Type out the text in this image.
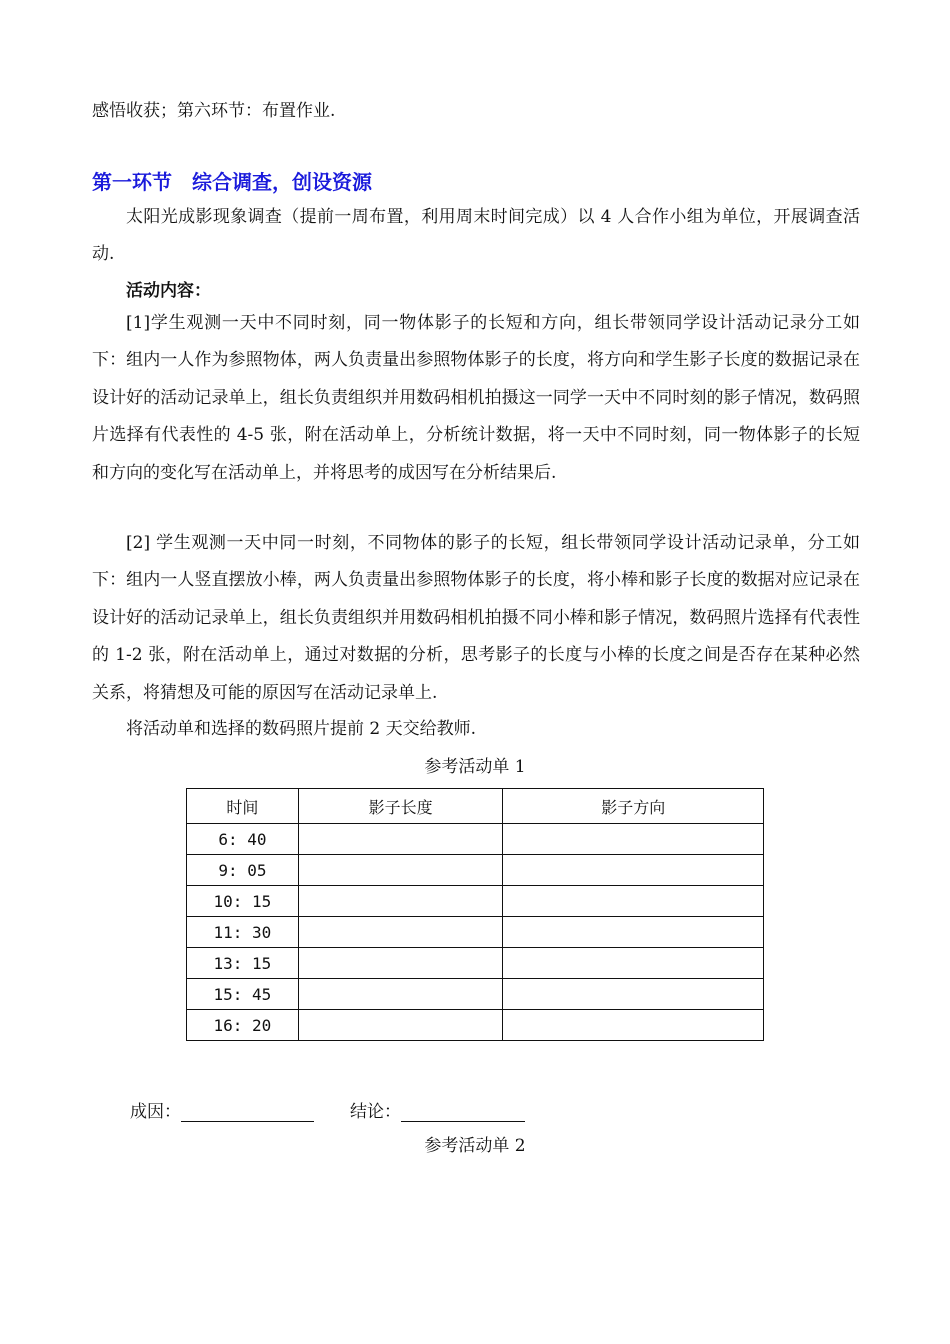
感悟收获；第六环节：布置作业.
第一环节　综合调查，创设资源
太阳光成影现象调查（提前一周布置，利用周末时间完成）以 4 人合作小组为单位，开展调查活动.
活动内容：
[1]学生观测一天中不同时刻，同一物体影子的长短和方向，组长带领同学设计活动记录分工如下：组内一人作为参照物体，两人负责量出参照物体影子的长度，将方向和学生影子长度的数据记录在设计好的活动记录单上，组长负责组织并用数码相机拍摄这一同学一天中不同时刻的影子情况，数码照片选择有代表性的 4-5 张，附在活动单上，分析统计数据，将一天中不同时刻，同一物体影子的长短和方向的变化写在活动单上，并将思考的成因写在分析结果后.
[2] 学生观测一天中同一时刻，不同物体的影子的长短，组长带领同学设计活动记录单，分工如下：组内一人竖直摆放小棒，两人负责量出参照物体影子的长度，将小棒和影子长度的数据对应记录在设计好的活动记录单上，组长负责组织并用数码相机拍摄不同小棒和影子情况，数码照片选择有代表性的 1-2 张，附在活动单上，通过对数据的分析，思考影子的长度与小棒的长度之间是否存在某种必然关系，将猜想及可能的原因写在活动记录单上.
将活动单和选择的数码照片提前 2 天交给教师.
参考活动单 1
时间	影子长度	影子方向
6: 40		
9: 05		
10: 15		
11: 30		
13: 15		
15: 45		
16: 20		
成因：	结论：
参考活动单 2
